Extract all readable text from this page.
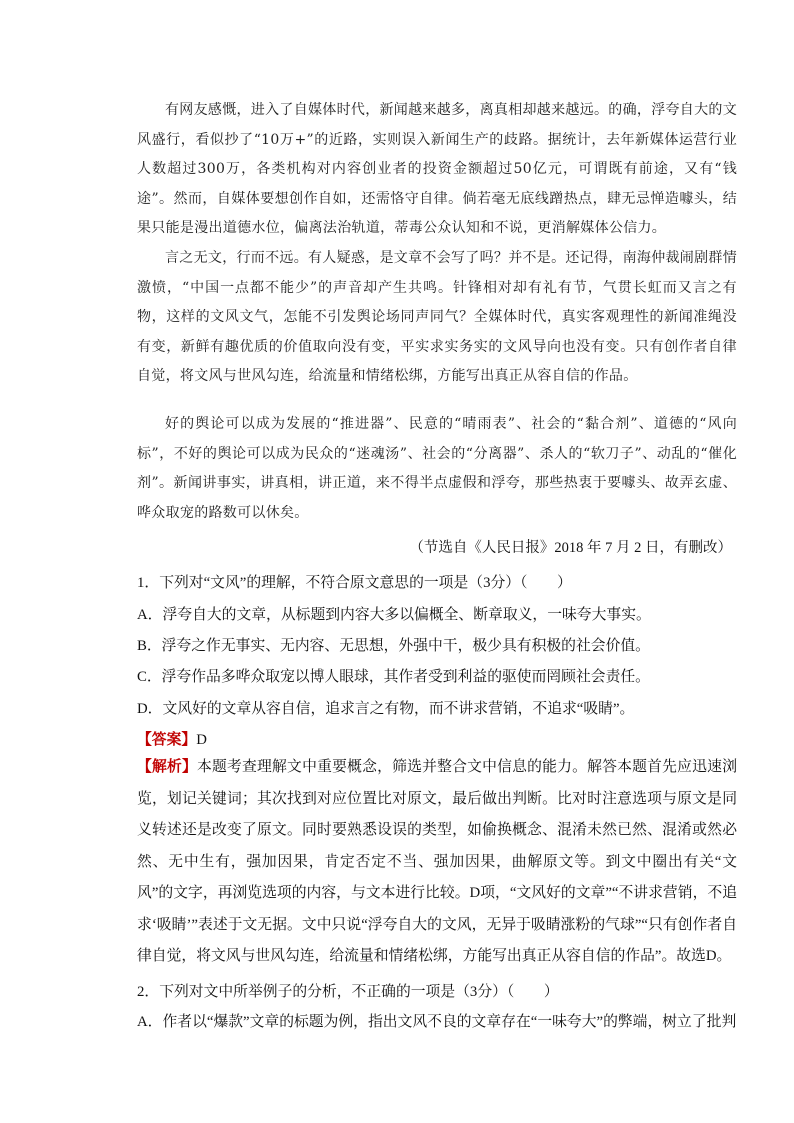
有网友感慨，进入了自媒体时代，新闻越来越多，离真相却越来越远。的确，浮夸自大的文风盛行，看似抄了“10万+”的近路，实则误入新闻生产的歧路。据统计，去年新媒体运营行业人数超过300万，各类机构对内容创业者的投资金额超过50亿元，可谓既有前途，又有“钱途”。然而，自媒体要想创作自如，还需恪守自律。倘若毫无底线蹭热点，肆无忌惮造噱头，结果只能是漫出道德水位，偏离法治轨道，蒂毒公众认知和不说，更消解媒体公信力。
言之无文，行而不远。有人疑惑，是文章不会写了吗？并不是。还记得，南海仲裁闹剧群情激愤，“中国一点都不能少”的声音却产生共鸣。针锋相对却有礼有节，气贯长虹而又言之有物，这样的文风文气，怎能不引发舆论场同声同气？全媒体时代，真实客观理性的新闻准绳没有变，新鲜有趣优质的价值取向没有变，平实求实务实的文风导向也没有变。只有创作者自律自觉，将文风与世风勾连，给流量和情绪松绑，方能写出真正从容自信的作品。
好的舆论可以成为发展的“推进器”、民意的“晴雨表”、社会的“黏合剂”、道德的“风向标”，不好的舆论可以成为民众的“迷魂汤”、社会的“分离器”、杀人的“软刀子”、动乱的“催化剂”。新闻讲事实，讲真相，讲正道，来不得半点虚假和浮夸，那些热衷于要噱头、故弄玄虚、哗众取宠的路数可以休矣。
（节选自《人民日报》2018 年 7 月 2 日，有删改）
1．下列对“文风”的理解，不符合原文意思的一项是（3分）（　　）
A．浮夸自大的文章，从标题到内容大多以偏概全、断章取义，一味夸大事实。
B．浮夸之作无事实、无内容、无思想，外强中干，极少具有积极的社会价值。
C．浮夸作品多哗众取宠以博人眼球，其作者受到利益的驱使而罔顾社会责任。
D．文风好的文章从容自信，追求言之有物，而不讲求营销，不追求“吸睛”。
【答案】D
【解析】本题考查理解文中重要概念，筛选并整合文中信息的能力。解答本题首先应迅速浏览，划记关键词；其次找到对应位置比对原文，最后做出判断。比对时注意选项与原文是同义转述还是改变了原文。同时要熟悉设误的类型，如偷换概念、混淆未然已然、混淆或然必然、无中生有，强加因果，肯定否定不当、强加因果，曲解原文等。到文中圈出有关“文风”的文字，再浏览选项的内容，与文本进行比较。D项，“文风好的文章”“不讲求营销，不追求‘吸睛’”表述于文无据。文中只说“浮夸自大的文风，无异于吸睛涨粉的气球”“只有创作者自律自觉，将文风与世风勾连，给流量和情绪松绑，方能写出真正从容自信的作品”。故选D。
2．下列对文中所举例子的分析，不正确的一项是（3分）（　　）
A．作者以“爆款”文章的标题为例，指出文风不良的文章存在“一味夸大”的弊端，树立了批判
